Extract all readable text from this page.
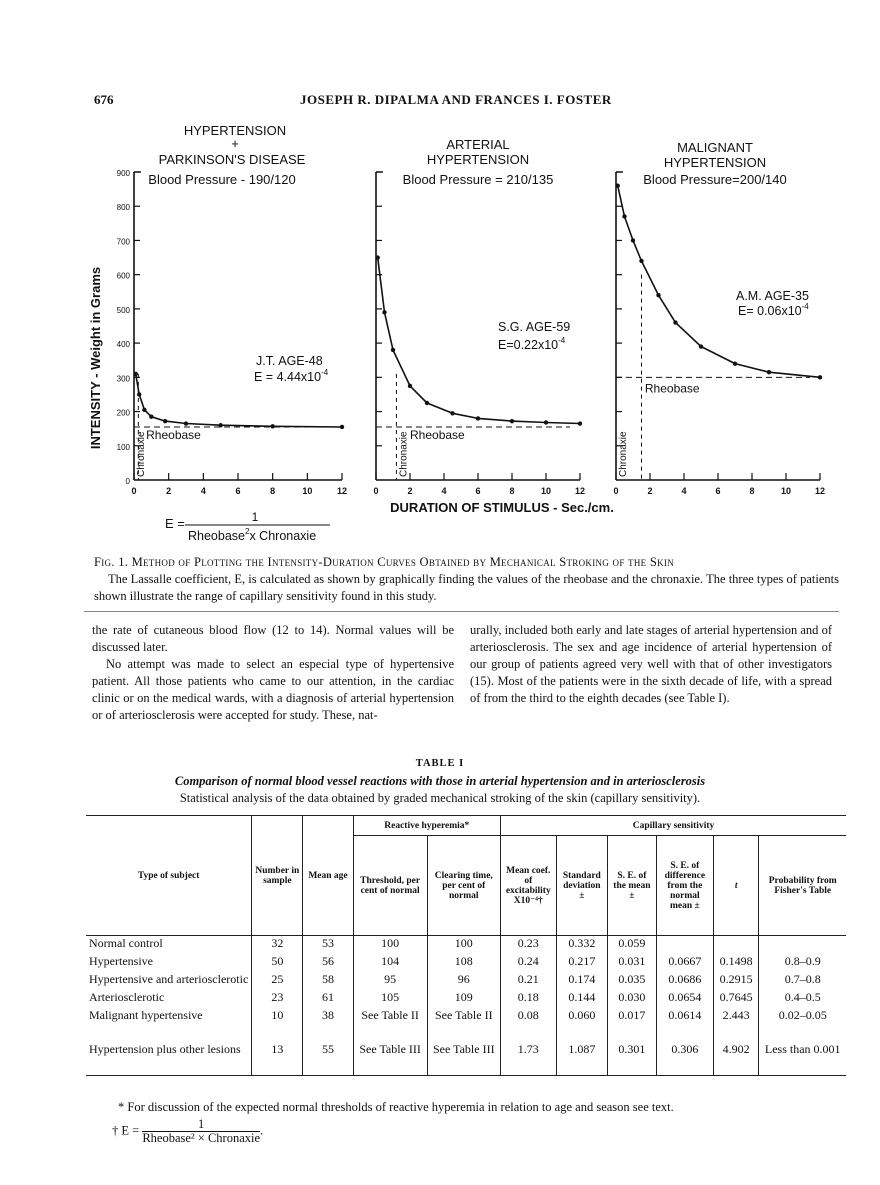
676	JOSEPH R. DIPALMA AND FRANCES I. FOSTER
HYPERTENSION
+
PARKINSON'S DISEASE
Blood Pressure - 190/120
ARTERIAL
HYPERTENSION
Blood Pressure = 210/135
MALIGNANT
HYPERTENSION
Blood Pressure=200/140
INTENSITY - Weight in Grams
0
100
200
300
400
500
600
700
800
900
0	2	4	6	8	10	12
Rheobase
Chronaxie
0	2	4	6	8	10	12
Rheobase
Chronaxie
0	2	4	6	8	10	12
Rheobase
Chronaxie
J.T. AGE-48
$E = 4.44x10^{-4}$
S.G. AGE-59
$E=0.22x10^{-4}$
A.M. AGE-35
$E= 0.06x10^{-4}$
DURATION OF STIMULUS - Sec./cm.
E =	1
Rheobase$^2$x Chronaxie
Fig. 1. Method of Plotting the Intensity-Duration Curves Obtained by Mechanical Stroking of the Skin
The Lassalle coefficient, E, is calculated as shown by graphically finding the values of the rheobase and the chronaxie. The three types of patients shown illustrate the range of capillary sensitivity found in this study.

the rate of cutaneous blood flow (12 to 14). Normal values will be discussed later.

No attempt was made to select an especial type of hypertensive patient. All those patients who came to our attention, in the cardiac clinic or on the medical wards, with a diagnosis of arterial hypertension or of arteriosclerosis were accepted for study. These, nat-

urally, included both early and late stages of arterial hypertension and of arteriosclerosis. The sex and age incidence of arterial hypertension of our group of patients agreed very well with that of other investigators (15). Most of the patients were in the sixth decade of life, with a spread of from the third to the eighth decades (see Table I).

TABLE I
Comparison of normal blood vessel reactions with those in arterial hypertension and in arteriosclerosis
Statistical analysis of the data obtained by graded mechanical stroking of the skin (capillary sensitivity).
Type of subject	Number in sample	Mean age	Reactive hyperemia*		Capillary sensitivity					
			Threshold, per cent of normal	Clearing time, per cent of normal	Mean coef. of excitability X10⁻⁴†	Standard deviation ±	S. E. of the mean ±	S. E. of difference from the normal mean ±	t	Probability from Fisher's Table
Normal control	32	53	100	100	0.23	0.332	0.059			
Hypertensive	50	56	104	108	0.24	0.217	0.031	0.0667	0.1498	0.8–0.9
Hypertensive and arteriosclerotic	25	58	95	96	0.21	0.174	0.035	0.0686	0.2915	0.7–0.8
Arteriosclerotic	23	61	105	109	0.18	0.144	0.030	0.0654	0.7645	0.4–0.5
Malignant hypertensive	10	38	See Table II	See Table II	0.08	0.060	0.017	0.0614	2.443	0.02–0.05
Hypertension plus other lesions	13	55	See Table III	See Table III	1.73	1.087	0.301	0.306	4.902	Less than 0.001
* For discussion of the expected normal thresholds of reactive hyperemia in relation to age and season see text.
† $E = \frac{1}{\text{Rheobase² × Chronaxie}}$ .
